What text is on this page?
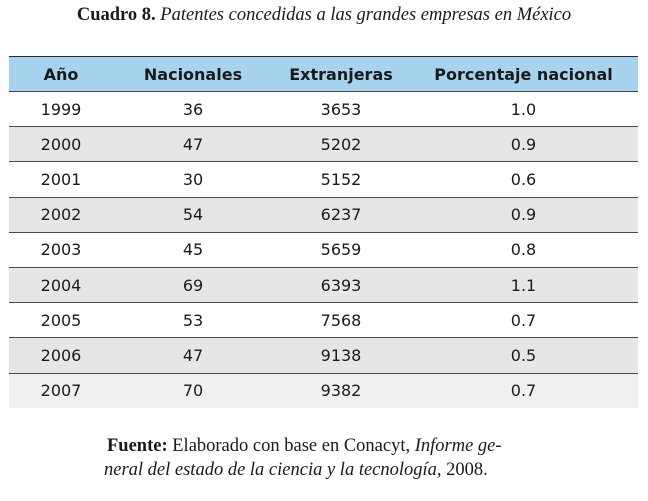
Cuadro 8. Patentes concedidas a las grandes empresas en México
Año	Nacionales	Extranjeras	Porcentaje nacional
1999	36	3653	1.0
2000	47	5202	0.9
2001	30	5152	0.6
2002	54	6237	0.9
2003	45	5659	0.8
2004	69	6393	1.1
2005	53	7568	0.7
2006	47	9138	0.5
2007	70	9382	0.7
Fuente: Elaborado con base en Conacyt, Informe ge-
neral del estado de la ciencia y la tecnología, 2008.
